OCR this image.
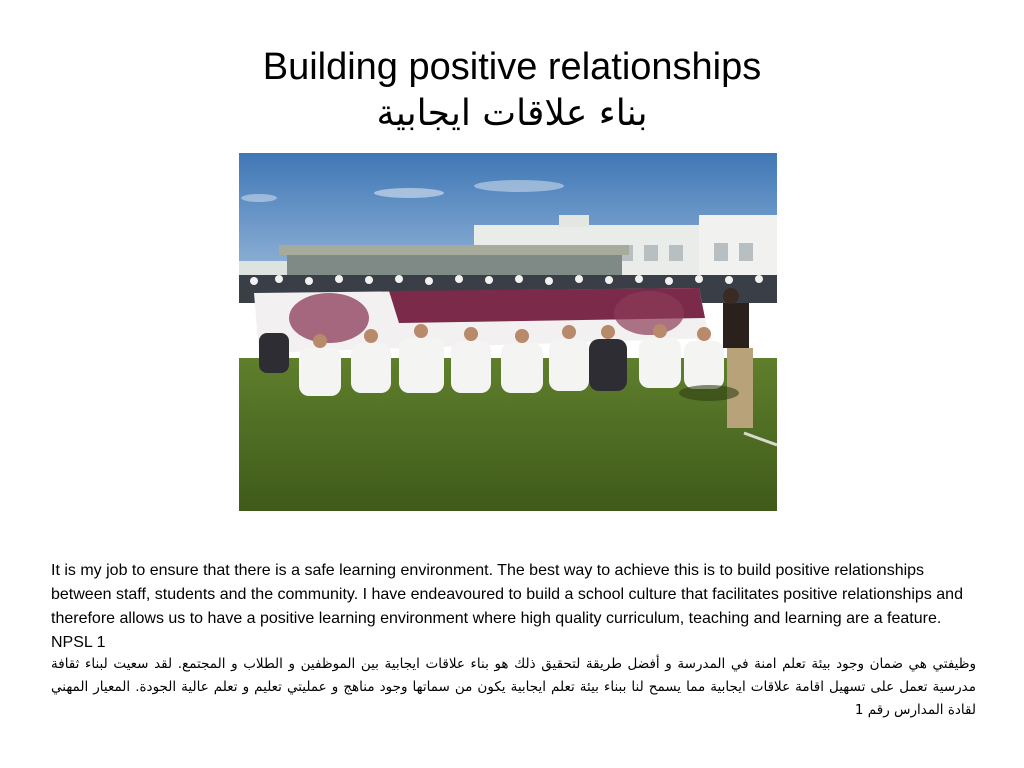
Building positive relationships
بناء علاقات ايجابية
It is my job to ensure that there is a safe learning environment. The best way to achieve this is to build positive relationships between staff, students and the community. I have endeavoured to build a school culture that facilitates positive relationships and therefore allows us to have a positive learning environment where high quality curriculum, teaching and learning are a feature. NPSL 1
وظيفتي هي ضمان وجود بيئة تعلم امنة في المدرسة و أفضل طريقة لتحقيق ذلك هو بناء علاقات ايجابية بين الموظفين و الطلاب و المجتمع. لقد سعيت لبناء ثقافة مدرسية تعمل على تسهيل اقامة علاقات ايجابية مما يسمح لنا ببناء بيئة تعلم ايجابية يكون من سماتها وجود مناهج و عمليتي تعليم و تعلم عالية الجودة. المعيار المهني لقادة المدارس رقم 1
